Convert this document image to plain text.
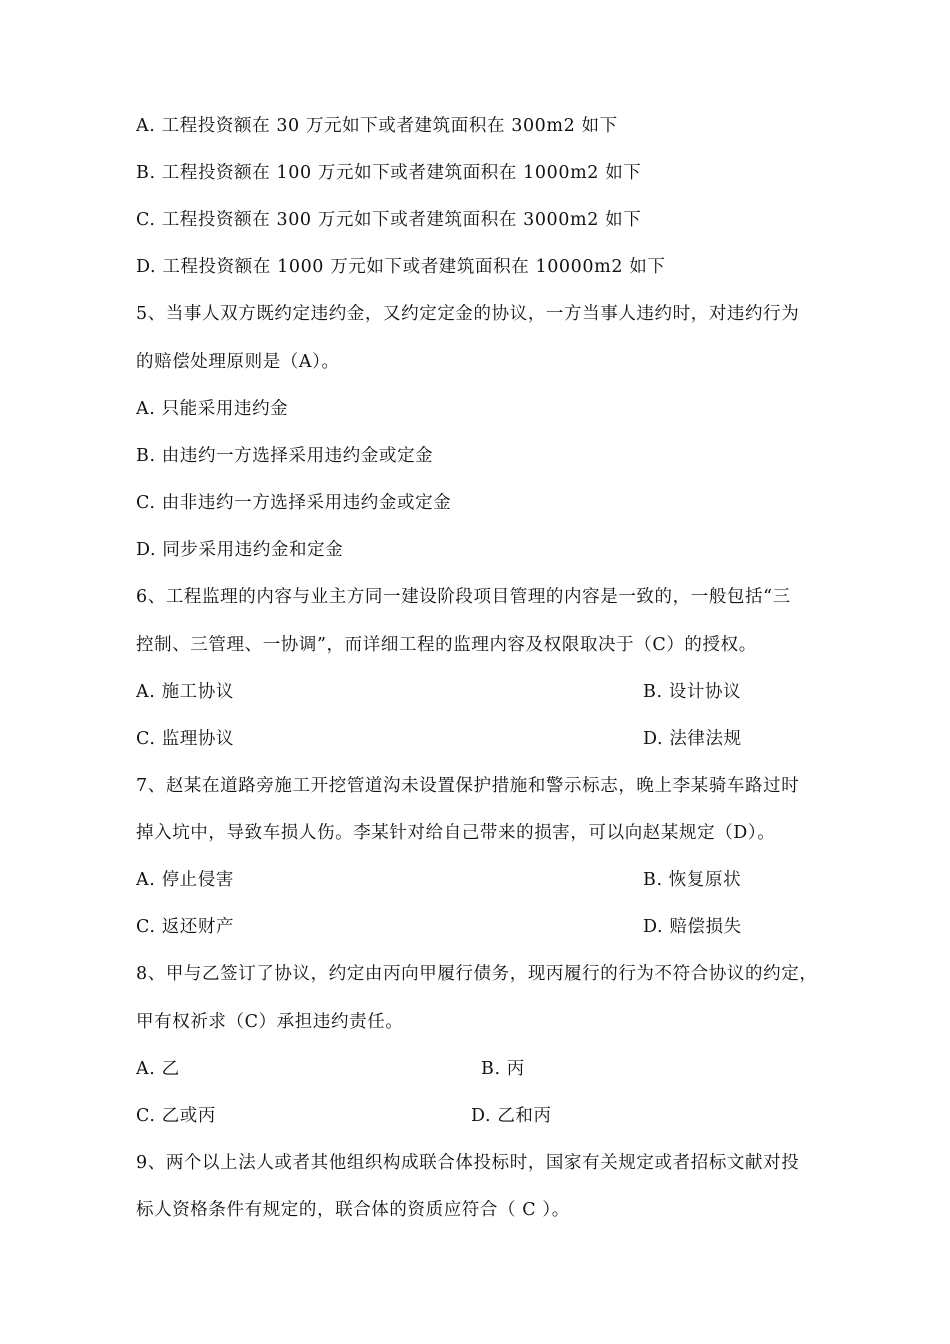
A. 工程投资额在 30 万元如下或者建筑面积在 300m2 如下
B. 工程投资额在 100 万元如下或者建筑面积在 1000m2 如下
C. 工程投资额在 300 万元如下或者建筑面积在 3000m2 如下
D. 工程投资额在 1000 万元如下或者建筑面积在 10000m2 如下
5、当事人双方既约定违约金，又约定定金的协议，一方当事人违约时，对违约行为
的赔偿处理原则是（A）。
A. 只能采用违约金
B. 由违约一方选择采用违约金或定金
C. 由非违约一方选择采用违约金或定金
D. 同步采用违约金和定金
6、工程监理的内容与业主方同一建设阶段项目管理的内容是一致的，一般包括“三
控制、三管理、一协调”，而详细工程的监理内容及权限取决于（C）的授权。
A. 施工协议	B. 设计协议
C. 监理协议	D. 法律法规
7、赵某在道路旁施工开挖管道沟未设置保护措施和警示标志，晚上李某骑车路过时
掉入坑中，导致车损人伤。李某针对给自己带来的损害，可以向赵某规定（D）。
A. 停止侵害	B. 恢复原状
C. 返还财产	D. 赔偿损失
8、甲与乙签订了协议，约定由丙向甲履行债务，现丙履行的行为不符合协议的约定，
甲有权祈求（C）承担违约责任。
A. 乙	B. 丙
C. 乙或丙	D. 乙和丙
9、两个以上法人或者其他组织构成联合体投标时，国家有关规定或者招标文献对投
标人资格条件有规定的，联合体的资质应符合（ C ）。
